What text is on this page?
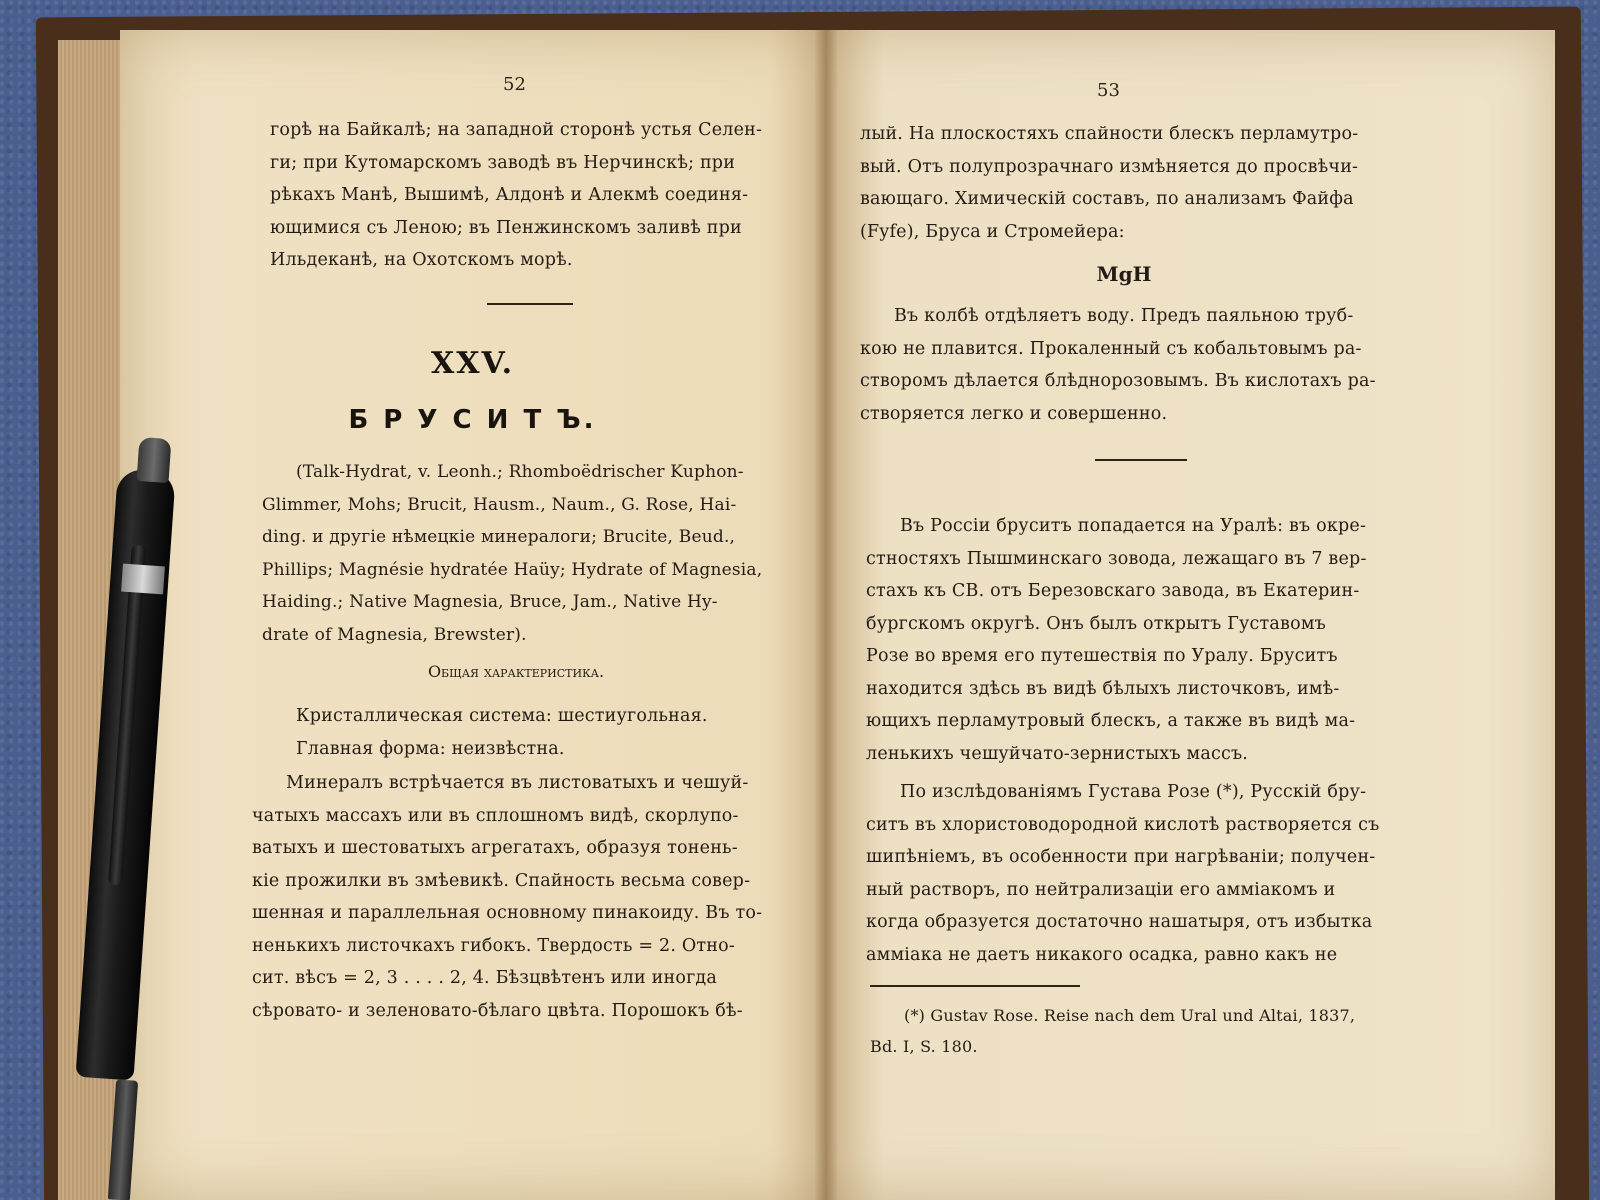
52

горѣ на Байкалѣ; на западной сторонѣ устья Селен-

ги; при Кутомарскомъ заводѣ въ Нерчинскѣ; при

рѣкахъ Манѣ, Вышимѣ, Алдонѣ и Алекмѣ соединя-

ющимися съ Леною; въ Пенжинскомъ заливѣ при

Ильдеканѣ, на Охотскомъ морѣ.

XXV.
Б Р У С И Т Ъ.

(Talk-Hydrat, v. Leonh.; Rhomboëdrischer Kuphon-

Glimmer, Mohs; Brucit, Hausm., Naum., G. Rose, Hai-

ding. и другіе нѣмецкіе минералоги; Brucite, Beud.,

Phillips; Magnésie hydratée Haüy; Hydrate of Magnesia,

Haiding.; Native Magnesia, Bruce, Jam., Native Hy-

drate of Magnesia, Brewster).

Общая характеристика.

Кристаллическая система: шестиугольная.

Главная форма: неизвѣстна.

Минералъ встрѣчается въ листоватыхъ и чешуй-

чатыхъ массахъ или въ сплошномъ видѣ, скорлупо-

ватыхъ и шестоватыхъ агрегатахъ, образуя тонень-

кіе прожилки въ змѣевикѣ. Спайность весьма совер-

шенная и параллельная основному пинакоиду. Въ то-

ненькихъ листочкахъ гибокъ. Твердость = 2. Отно-

сит. вѣсъ = 2, 3 . . . . 2, 4. Бѣзцвѣтенъ или иногда

сѣровато- и зеленовато-бѣлаго цвѣта. Порошокъ бѣ-

53

лый. На плоскостяхъ спайности блескъ перламутро-

вый. Отъ полупрозрачнаго измѣняется до просвѣчи-

вающаго. Химическій составъ, по анализамъ Файфа

(Fyfe), Бруса и Стромейера:

MgH

Въ колбѣ отдѣляетъ воду. Предъ паяльною труб-

кою не плавится. Прокаленный съ кобальтовымъ ра-

створомъ дѣлается блѣднорозовымъ. Въ кислотахъ ра-

створяется легко и совершенно.

Въ Россіи бруситъ попадается на Уралѣ: въ окре-

стностяхъ Пышминскаго зовода, лежащаго въ 7 вер-

стахъ къ СВ. отъ Березовскаго завода, въ Екатерин-

бургскомъ округѣ. Онъ былъ открытъ Густавомъ

Розе во время его путешествія по Уралу. Бруситъ

находится здѣсь въ видѣ бѣлыхъ листочковъ, имѣ-

ющихъ перламутровый блескъ, а также въ видѣ ма-

ленькихъ чешуйчато-зернистыхъ массъ.

По изслѣдованіямъ Густава Розе (*), Русскій бру-

ситъ въ хлористоводородной кислотѣ растворяется съ

шипѣніемъ, въ особенности при нагрѣваніи; получен-

ный растворъ, по нейтрализаціи его амміакомъ и

когда образуется достаточно нашатыря, отъ избытка

амміака не даетъ никакого осадка, равно какъ не

(*) Gustav Rose. Reise nach dem Ural und Altai, 1837,

Bd. I, S. 180.
